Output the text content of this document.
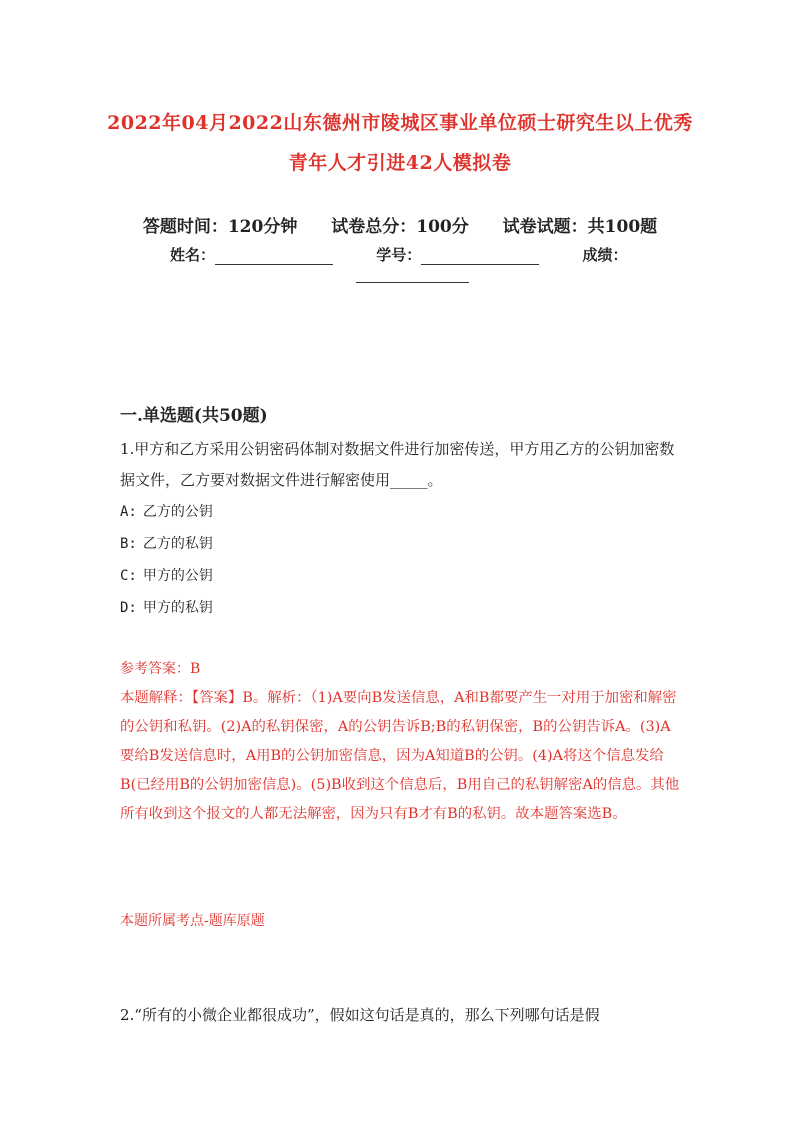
2022年04月2022山东德州市陵城区事业单位硕士研究生以上优秀
青年人才引进42人模拟卷
答题时间：120分钟 试卷总分：100分 试卷试题：共100题
姓名：	学号：	成绩：
一.单选题(共50题)
1.甲方和乙方采用公钥密码体制对数据文件进行加密传送，甲方用乙方的公钥加密数据文件，乙方要对数据文件进行解密使用_____。
A: 乙方的公钥
B: 乙方的私钥
C: 甲方的公钥
D: 甲方的私钥
参考答案：B
本题解释：【答案】B。解析：（1)A要向B发送信息，A和B都要产生一对用于加密和解密的公钥和私钥。(2)A的私钥保密，A的公钥告诉B;B的私钥保密，B的公钥告诉A。(3)A要给B发送信息时，A用B的公钥加密信息，因为A知道B的公钥。(4)A将这个信息发给B(已经用B的公钥加密信息)。(5)B收到这个信息后，B用自己的私钥解密A的信息。其他所有收到这个报文的人都无法解密，因为只有B才有B的私钥。故本题答案选B。
本题所属考点-题库原题
2.“所有的小微企业都很成功”，假如这句话是真的，那么下列哪句话是假
